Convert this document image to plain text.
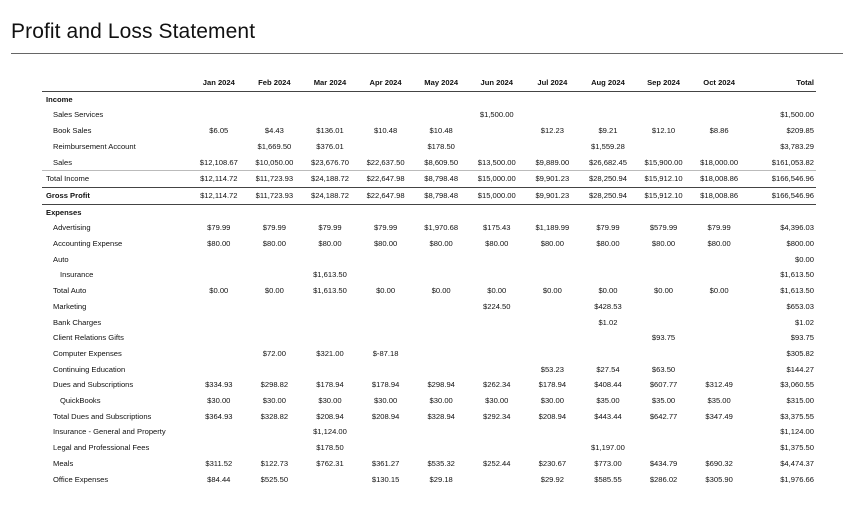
Profit and Loss Statement
	Jan 2024	Feb 2024	Mar 2024	Apr 2024	May 2024	Jun 2024	Jul 2024	Aug 2024	Sep 2024	Oct 2024	Total
Income											
Sales Services						$1,500.00					$1,500.00
Book Sales	$6.05	$4.43	$136.01	$10.48	$10.48		$12.23	$9.21	$12.10	$8.86	$209.85
Reimbursement Account		$1,669.50	$376.01		$178.50			$1,559.28			$3,783.29
Sales	$12,108.67	$10,050.00	$23,676.70	$22,637.50	$8,609.50	$13,500.00	$9,889.00	$26,682.45	$15,900.00	$18,000.00	$161,053.82
Total Income	$12,114.72	$11,723.93	$24,188.72	$22,647.98	$8,798.48	$15,000.00	$9,901.23	$28,250.94	$15,912.10	$18,008.86	$166,546.96
Gross Profit	$12,114.72	$11,723.93	$24,188.72	$22,647.98	$8,798.48	$15,000.00	$9,901.23	$28,250.94	$15,912.10	$18,008.86	$166,546.96
Expenses											
Advertising	$79.99	$79.99	$79.99	$79.99	$1,970.68	$175.43	$1,189.99	$79.99	$579.99	$79.99	$4,396.03
Accounting Expense	$80.00	$80.00	$80.00	$80.00	$80.00	$80.00	$80.00	$80.00	$80.00	$80.00	$800.00
Auto											$0.00
Insurance			$1,613.50								$1,613.50
Total Auto	$0.00	$0.00	$1,613.50	$0.00	$0.00	$0.00	$0.00	$0.00	$0.00	$0.00	$1,613.50
Marketing						$224.50		$428.53			$653.03
Bank Charges								$1.02			$1.02
Client Relations Gifts									$93.75		$93.75
Computer Expenses		$72.00	$321.00	$-87.18							$305.82
Continuing Education							$53.23	$27.54	$63.50		$144.27
Dues and Subscriptions	$334.93	$298.82	$178.94	$178.94	$298.94	$262.34	$178.94	$408.44	$607.77	$312.49	$3,060.55
QuickBooks	$30.00	$30.00	$30.00	$30.00	$30.00	$30.00	$30.00	$35.00	$35.00	$35.00	$315.00
Total Dues and Subscriptions	$364.93	$328.82	$208.94	$208.94	$328.94	$292.34	$208.94	$443.44	$642.77	$347.49	$3,375.55
Insurance - General and Property			$1,124.00								$1,124.00
Legal and Professional Fees			$178.50					$1,197.00			$1,375.50
Meals	$311.52	$122.73	$762.31	$361.27	$535.32	$252.44	$230.67	$773.00	$434.79	$690.32	$4,474.37
Office Expenses	$84.44	$525.50		$130.15	$29.18		$29.92	$585.55	$286.02	$305.90	$1,976.66
